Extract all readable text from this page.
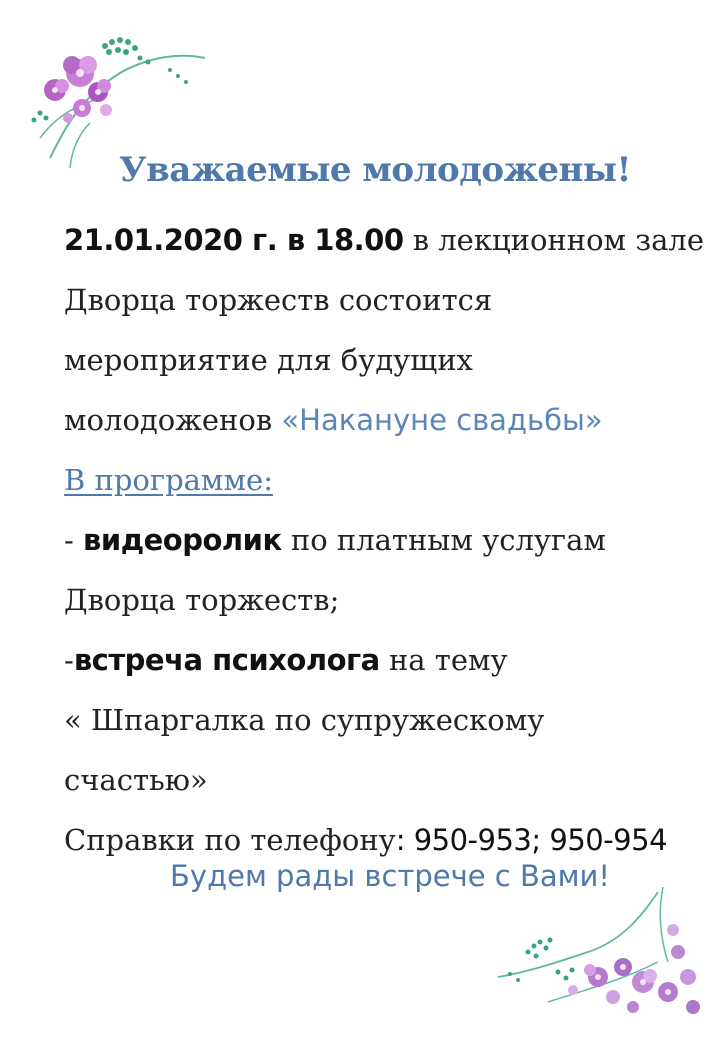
Уважаемые молодожены!
21.01.2020 г. в 18.00 в лекционном зале
Дворца торжеств состоится
мероприятие для будущих
молодоженов «Накануне свадьбы»
В программе:
- видеоролик по платным услугам
Дворца торжеств;
-встреча психолога на тему
« Шпаргалка по супружескому
счастью»
Справки по телефону: 950-953; 950-954
Будем рады встрече с Вами!
